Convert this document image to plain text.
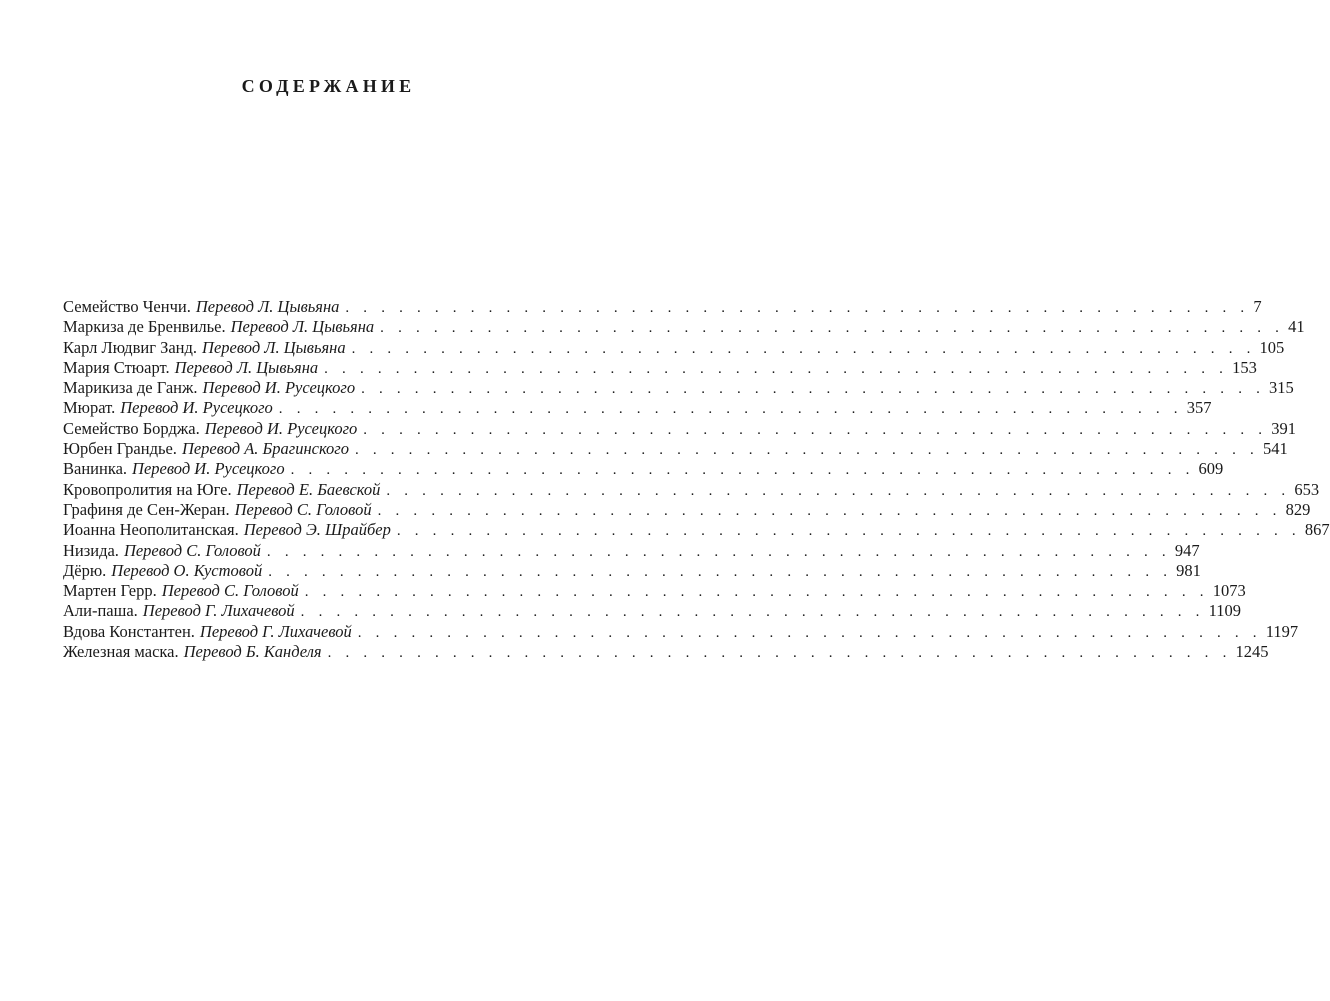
СОДЕРЖАНИЕ
Семейство Ченчи. Перевод Л. Цывьяна . . . . . . . . . . . . . . . . . . . . . . . . . . . . . . . . . . . . . . . . . . . . . . . . . . . 7
Маркиза де Бренвилье. Перевод Л. Цывьяна . . . . . . . . . . . . . . . . . . . . . . . . . . . . . . . . . . . . . . . . . . . . . . . . . . . 41
Карл Людвиг Занд. Перевод Л. Цывьяна . . . . . . . . . . . . . . . . . . . . . . . . . . . . . . . . . . . . . . . . . . . . . . . . . . . 105
Мария Стюарт. Перевод Л. Цывьяна . . . . . . . . . . . . . . . . . . . . . . . . . . . . . . . . . . . . . . . . . . . . . . . . . . . 153
Марикиза де Ганж. Перевод И. Русецкого . . . . . . . . . . . . . . . . . . . . . . . . . . . . . . . . . . . . . . . . . . . . . . . . . . . 315
Мюрат. Перевод И. Русецкого . . . . . . . . . . . . . . . . . . . . . . . . . . . . . . . . . . . . . . . . . . . . . . . . . . . 357
Семейство Борджа. Перевод И. Русецкого . . . . . . . . . . . . . . . . . . . . . . . . . . . . . . . . . . . . . . . . . . . . . . . . . . . 391
Юрбен Грандье. Перевод А. Брагинского . . . . . . . . . . . . . . . . . . . . . . . . . . . . . . . . . . . . . . . . . . . . . . . . . . . 541
Ванинка. Перевод И. Русецкого . . . . . . . . . . . . . . . . . . . . . . . . . . . . . . . . . . . . . . . . . . . . . . . . . . . 609
Кровопролития на Юге. Перевод Е. Баевской . . . . . . . . . . . . . . . . . . . . . . . . . . . . . . . . . . . . . . . . . . . . . . . . . . . 653
Графиня де Сен-Жеран. Перевод С. Головой . . . . . . . . . . . . . . . . . . . . . . . . . . . . . . . . . . . . . . . . . . . . . . . . . . . 829
Иоанна Неополитанская. Перевод Э. Шрайбер . . . . . . . . . . . . . . . . . . . . . . . . . . . . . . . . . . . . . . . . . . . . . . . . . . . 867
Низида. Перевод С. Головой . . . . . . . . . . . . . . . . . . . . . . . . . . . . . . . . . . . . . . . . . . . . . . . . . . . 947
Дёрю. Перевод О. Кустовой . . . . . . . . . . . . . . . . . . . . . . . . . . . . . . . . . . . . . . . . . . . . . . . . . . . 981
Мартен Герр. Перевод С. Головой . . . . . . . . . . . . . . . . . . . . . . . . . . . . . . . . . . . . . . . . . . . . . . . . . . . 1073
Али-паша. Перевод Г. Лихачевой . . . . . . . . . . . . . . . . . . . . . . . . . . . . . . . . . . . . . . . . . . . . . . . . . . . 1109
Вдова Константен. Перевод Г. Лихачевой . . . . . . . . . . . . . . . . . . . . . . . . . . . . . . . . . . . . . . . . . . . . . . . . . . . 1197
Железная маска. Перевод Б. Канделя . . . . . . . . . . . . . . . . . . . . . . . . . . . . . . . . . . . . . . . . . . . . . . . . . . . 1245
